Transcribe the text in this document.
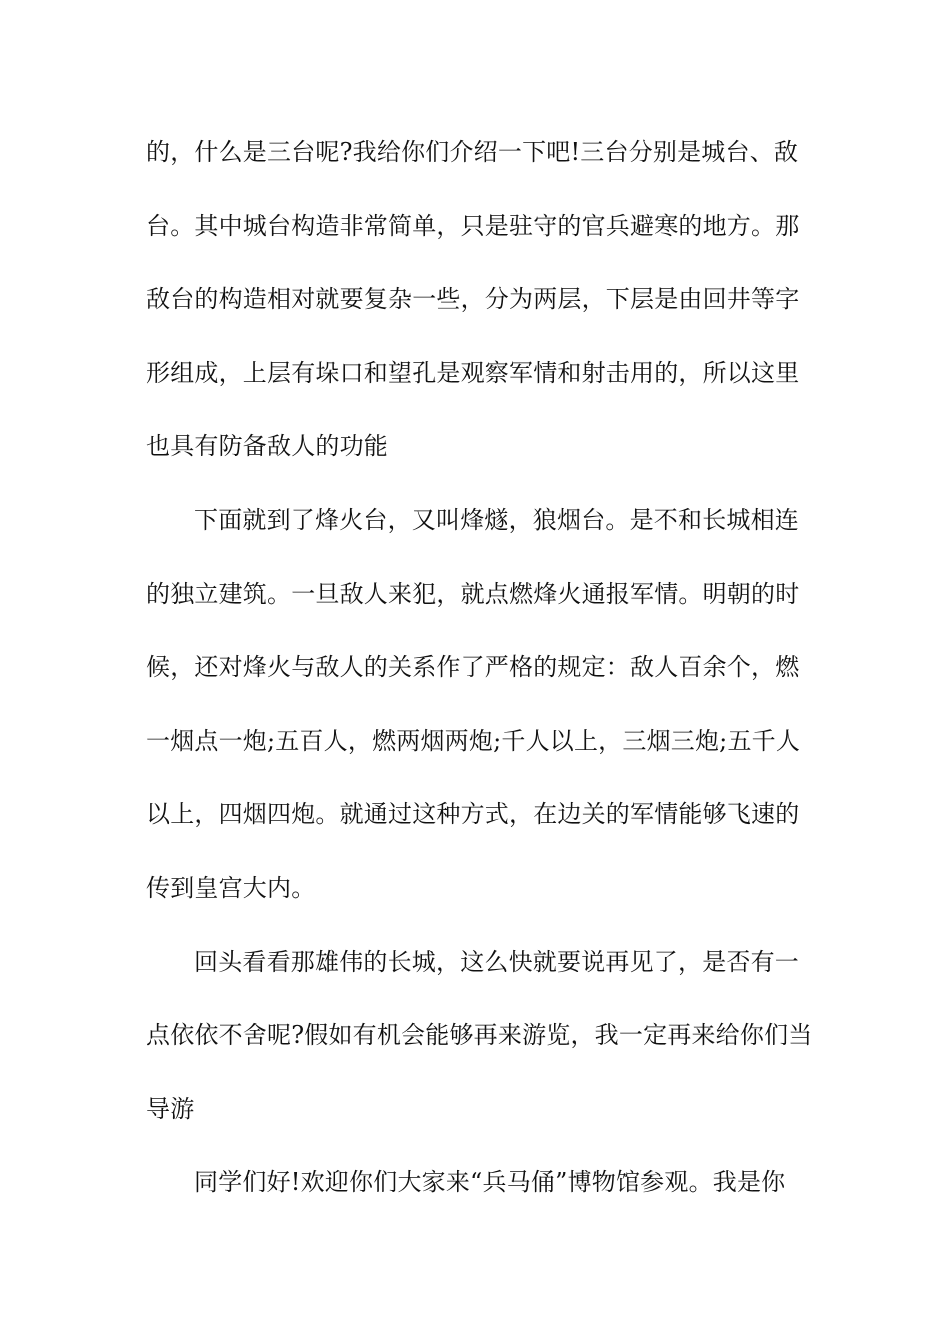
的，什么是三台呢?我给你们介绍一下吧!三台分别是城台、敌
台。其中城台构造非常简单，只是驻守的官兵避寒的地方。那
敌台的构造相对就要复杂一些，分为两层，下层是由回井等字
形组成，上层有垛口和望孔是观察军情和射击用的，所以这里
也具有防备敌人的功能
下面就到了烽火台，又叫烽燧，狼烟台。是不和长城相连
的独立建筑。一旦敌人来犯，就点燃烽火通报军情。明朝的时
候，还对烽火与敌人的关系作了严格的规定：敌人百余个，燃
一烟点一炮;五百人，燃两烟两炮;千人以上，三烟三炮;五千人
以上，四烟四炮。就通过这种方式，在边关的军情能够飞速的
传到皇宫大内。
回头看看那雄伟的长城，这么快就要说再见了，是否有一
点依依不舍呢?假如有机会能够再来游览，我一定再来给你们当
导游
同学们好!欢迎你们大家来“兵马俑”博物馆参观。我是你
